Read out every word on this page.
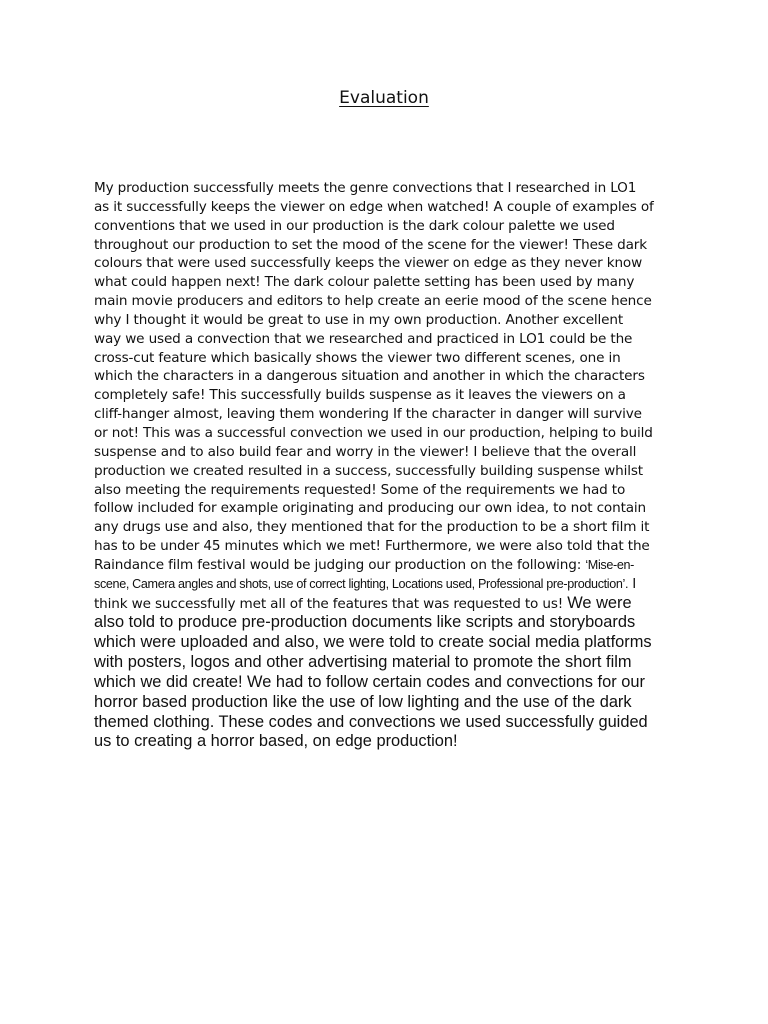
Evaluation

My production successfully meets the genre convections that I researched in LO1 as it successfully keeps the viewer on edge when watched! A couple of examples of conventions that we used in our production is the dark colour palette we used throughout our production to set the mood of the scene for the viewer! These dark colours that were used successfully keeps the viewer on edge as they never know what could happen next! The dark colour palette setting has been used by many main movie producers and editors to help create an eerie mood of the scene hence why I thought it would be great to use in my own production. Another excellent way we used a convection that we researched and practiced in LO1 could be the cross-cut feature which basically shows the viewer two different scenes, one in which the characters in a dangerous situation and another in which the characters completely safe! This successfully builds suspense as it leaves the viewers on a cliff-hanger almost, leaving them wondering If the character in danger will survive or not! This was a successful convection we used in our production, helping to build suspense and to also build fear and worry in the viewer! I believe that the overall production we created resulted in a success, successfully building suspense whilst also meeting the requirements requested! Some of the requirements we had to follow included for example originating and producing our own idea, to not contain any drugs use and also, they mentioned that for the production to be a short film it has to be under 45 minutes which we met! Furthermore, we were also told that the Raindance film festival would be judging our production on the following: ‘Mise-en-scene, Camera angles and shots, use of correct lighting, Locations used, Professional pre-production’. I think we successfully met all of the features that was requested to us! We were also told to produce pre-production documents like scripts and storyboards which were uploaded and also, we were told to create social media platforms with posters, logos and other advertising material to promote the short film which we did create! We had to follow certain codes and convections for our horror based production like the use of low lighting and the use of the dark themed clothing. These codes and convections we used successfully guided us to creating a horror based, on edge production!
